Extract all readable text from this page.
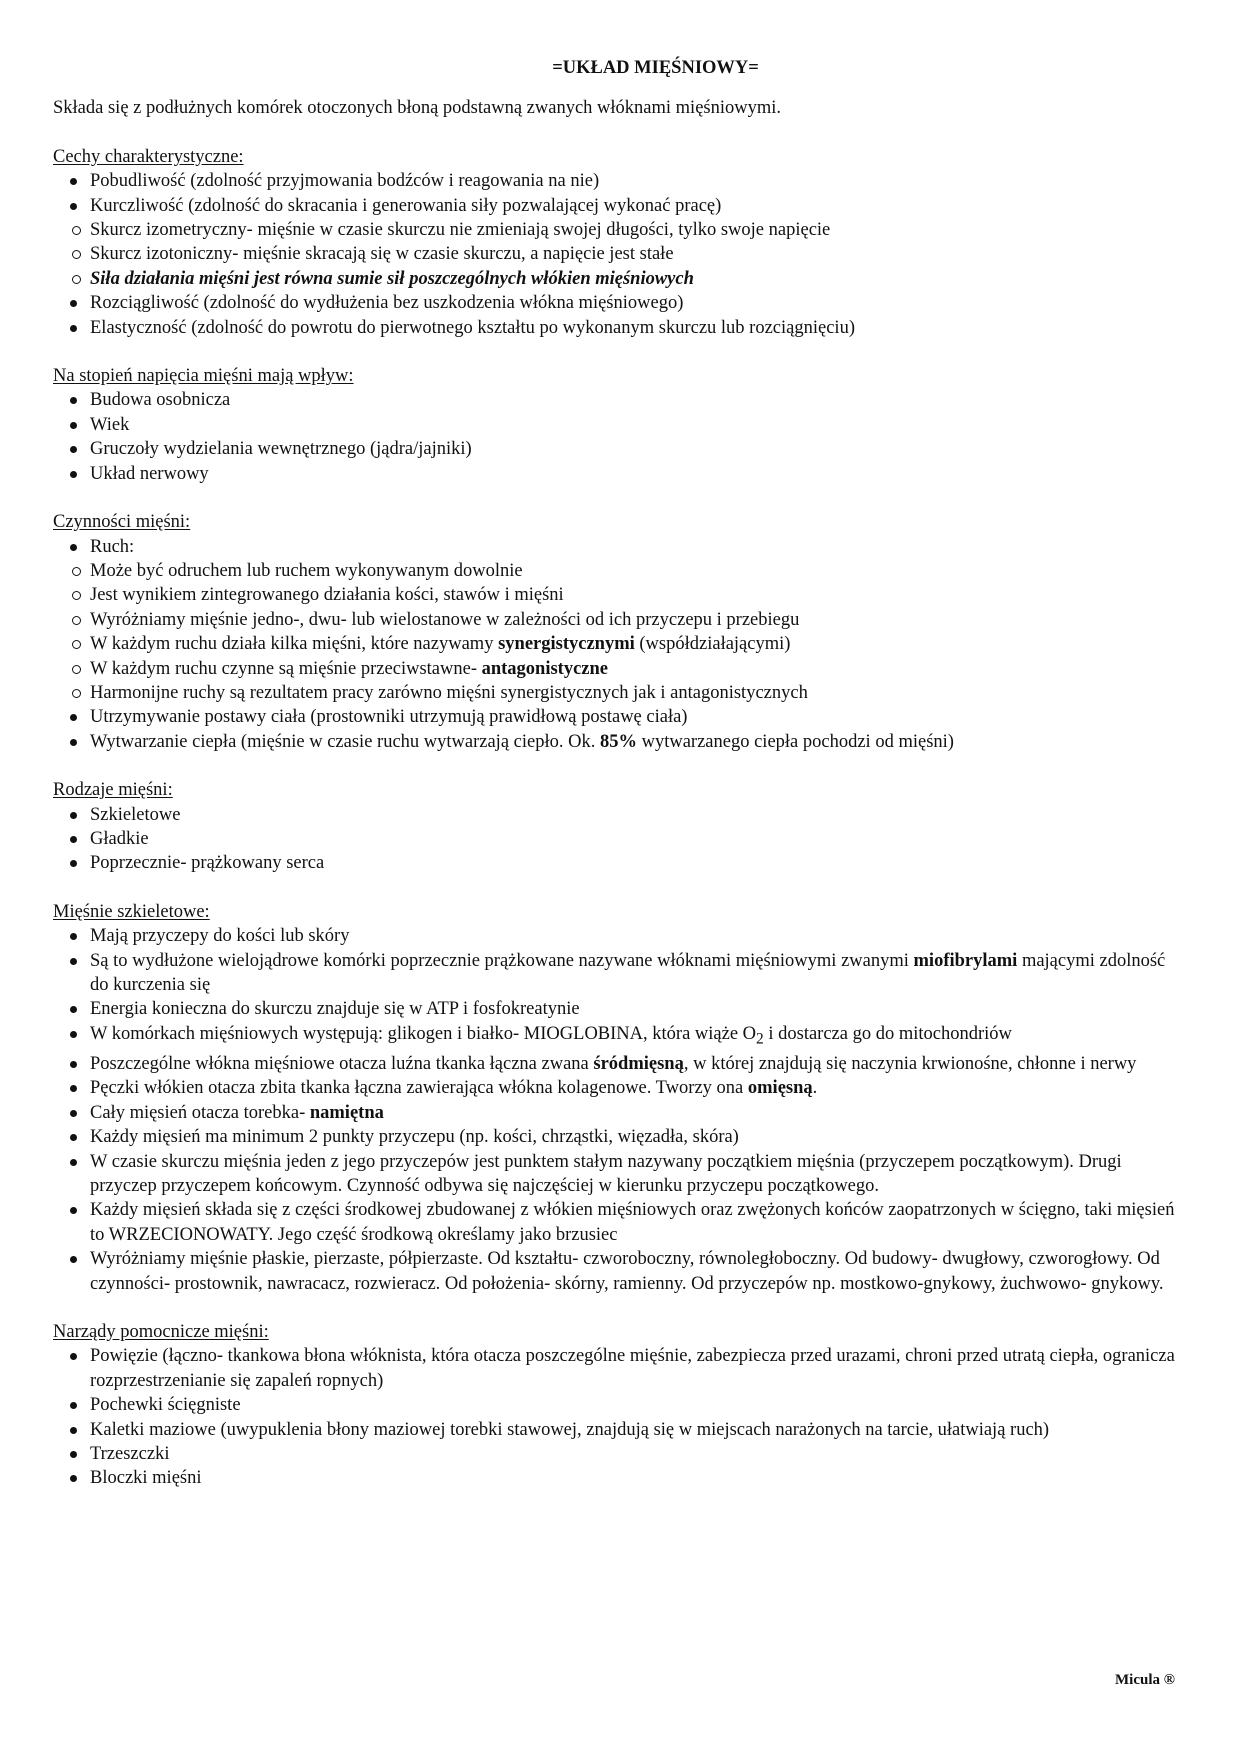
=UKŁAD MIĘŚNIOWY=
Składa się z podłużnych komórek otoczonych błoną podstawną zwanych włóknami mięśniowymi.
Cechy charakterystyczne:
Pobudliwość (zdolność przyjmowania bodźców i reagowania na nie)
Kurczliwość (zdolność do skracania i generowania siły pozwalającej wykonać pracę)
Skurcz izometryczny- mięśnie w czasie skurczu nie zmieniają swojej długości, tylko swoje napięcie
Skurcz izotoniczny- mięśnie skracają się w czasie skurczu, a napięcie jest stałe
Siła działania mięśni jest równa sumie sił poszczególnych włókien mięśniowych
Rozciągliwość (zdolność do wydłużenia bez uszkodzenia włókna mięśniowego)
Elastyczność (zdolność do powrotu do pierwotnego kształtu po wykonanym skurczu lub rozciągnięciu)
Na stopień napięcia mięśni mają wpływ:
Budowa osobnicza
Wiek
Gruczoły wydzielania wewnętrznego (jądra/jajniki)
Układ nerwowy
Czynności mięśni:
Ruch:
Może być odruchem lub ruchem wykonywanym dowolnie
Jest wynikiem zintegrowanego działania kości, stawów i mięśni
Wyróżniamy mięśnie jedno-, dwu- lub wielostanowe w zależności od ich przyczepu i przebiegu
W każdym ruchu działa kilka mięśni, które nazywamy synergistycznymi (współdziałającymi)
W każdym ruchu czynne są mięśnie przeciwstawne- antagonistyczne
Harmonijne ruchy są rezultatem pracy zarówno mięśni synergistycznych jak i antagonistycznych
Utrzymywanie postawy ciała (prostowniki utrzymują prawidłową postawę ciała)
Wytwarzanie ciepła (mięśnie w czasie ruchu wytwarzają ciepło. Ok. 85% wytwarzanego ciepła pochodzi od mięśni)
Rodzaje mięśni:
Szkieletowe
Gładkie
Poprzecznie- prążkowany serca
Mięśnie szkieletowe:
Mają przyczepy do kości lub skóry
Są to wydłużone wielojądrowe komórki poprzecznie prążkowane nazywane włóknami mięśniowymi zwanymi miofibrylami mającymi zdolność do kurczenia się
Energia konieczna do skurczu znajduje się w ATP i fosfokreatynie
W komórkach mięśniowych występują: glikogen i białko- MIOGLOBINA, która wiąże $O_2$ i dostarcza go do mitochondriów
Poszczególne włókna mięśniowe otacza luźna tkanka łączna zwana śródmięsną, w której znajdują się naczynia krwionośne, chłonne i nerwy
Pęczki włókien otacza zbita tkanka łączna zawierająca włókna kolagenowe. Tworzy ona omięsną.
Cały mięsień otacza torebka- namiętna
Każdy mięsień ma minimum 2 punkty przyczepu (np. kości, chrząstki, więzadła, skóra)
W czasie skurczu mięśnia jeden z jego przyczepów jest punktem stałym nazywany początkiem mięśnia (przyczepem początkowym). Drugi przyczep przyczepem końcowym. Czynność odbywa się najczęściej w kierunku przyczepu początkowego.
Każdy mięsień składa się z części środkowej zbudowanej z włókien mięśniowych oraz zwężonych końców zaopatrzonych w ścięgno, taki mięsień to WRZECIONOWATY. Jego część środkową określamy jako brzusiec
Wyróżniamy mięśnie płaskie, pierzaste, półpierzaste. Od kształtu- czworoboczny, równoległoboczny. Od budowy- dwugłowy, czworogłowy. Od czynności- prostownik, nawracacz, rozwieracz. Od położenia- skórny, ramienny. Od przyczepów np. mostkowo-gnykowy, żuchwowo- gnykowy.
Narządy pomocnicze mięśni:
Powięzie (łączno- tkankowa błona włóknista, która otacza poszczególne mięśnie, zabezpiecza przed urazami, chroni przed utratą ciepła, ogranicza rozprzestrzenianie się zapaleń ropnych)
Pochewki ścięgniste
Kaletki maziowe (uwypuklenia błony maziowej torebki stawowej, znajdują się w miejscach narażonych na tarcie, ułatwiają ruch)
Trzeszczki
Bloczki mięśni
Micula ®
